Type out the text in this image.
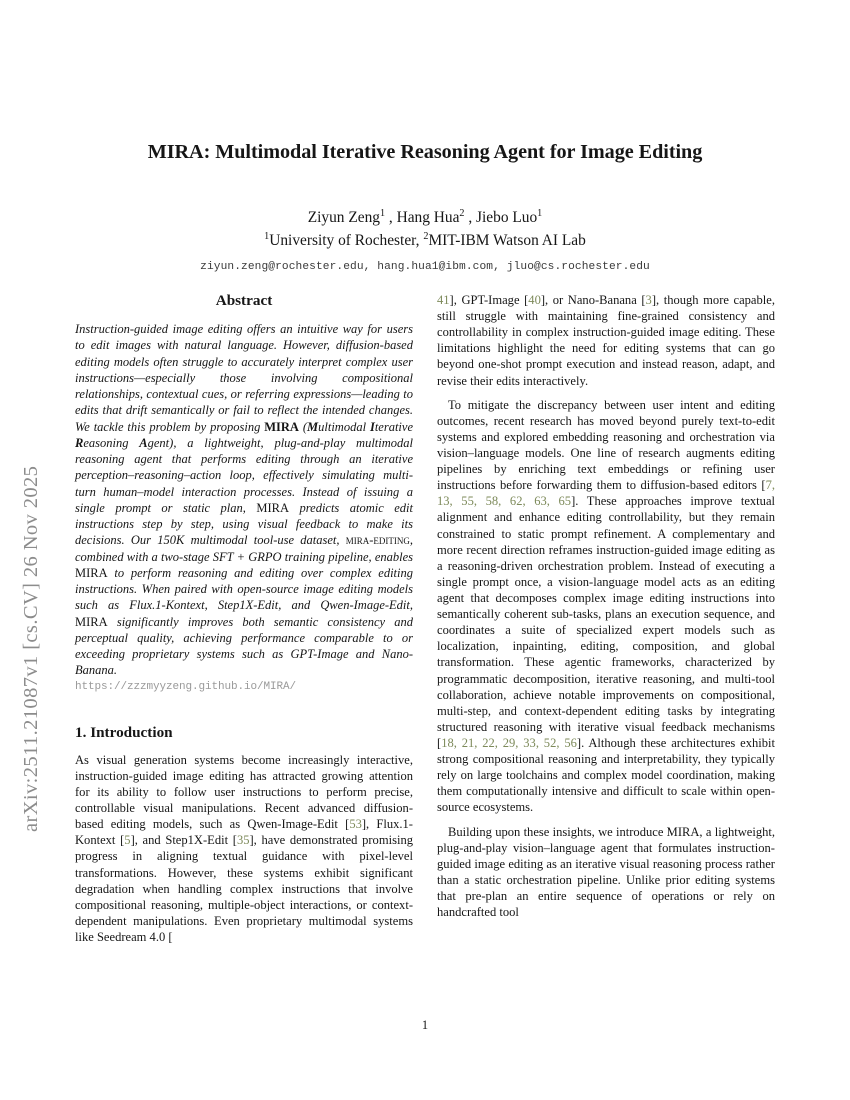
arXiv:2511.21087v1 [cs.CV] 26 Nov 2025
MIRA: Multimodal Iterative Reasoning Agent for Image Editing
Ziyun Zeng$^1$ , Hang Hua$^2$ , Jiebo Luo$^1$
$^1$University of Rochester, $^2$MIT-IBM Watson AI Lab
ziyun.zeng@rochester.edu, hang.hua1@ibm.com, jluo@cs.rochester.edu
Abstract

Instruction-guided image editing offers an intuitive way for users to edit images with natural language. However, diffusion-based editing models often struggle to accurately interpret complex user instructions—especially those involving compositional relationships, contextual cues, or referring expressions—leading to edits that drift semantically or fail to reflect the intended changes. We tackle this problem by proposing MIRA (Multimodal Iterative Reasoning Agent), a lightweight, plug-and-play multimodal reasoning agent that performs editing through an iterative perception–reasoning–action loop, effectively simulating multi-turn human–model interaction processes. Instead of issuing a single prompt or static plan, MIRA predicts atomic edit instructions step by step, using visual feedback to make its decisions. Our 150K multimodal tool-use dataset, mira-editing, combined with a two-stage SFT + GRPO training pipeline, enables MIRA to perform reasoning and editing over complex editing instructions. When paired with open-source image editing models such as Flux.1-Kontext, Step1X-Edit, and Qwen-Image-Edit, MIRA significantly improves both semantic consistency and perceptual quality, achieving performance comparable to or exceeding proprietary systems such as GPT-Image and Nano-Banana.
https://zzzmyyzeng.github.io/MIRA/

1. Introduction

As visual generation systems become increasingly interactive, instruction-guided image editing has attracted growing attention for its ability to follow user instructions to perform precise, controllable visual manipulations. Recent advanced diffusion-based editing models, such as Qwen-Image-Edit [53], Flux.1-Kontext [5], and Step1X-Edit [35], have demonstrated promising progress in aligning textual guidance with pixel-level transformations. However, these systems exhibit significant degradation when handling complex instructions that involve compositional reasoning, multiple-object interactions, or context-dependent manipulations. Even proprietary multimodal systems like Seedream 4.0 [

41], GPT-Image [40], or Nano-Banana [3], though more capable, still struggle with maintaining fine-grained consistency and controllability in complex instruction-guided image editing. These limitations highlight the need for editing systems that can go beyond one-shot prompt execution and instead reason, adapt, and revise their edits interactively.

To mitigate the discrepancy between user intent and editing outcomes, recent research has moved beyond purely text-to-edit systems and explored embedding reasoning and orchestration via vision–language models. One line of research augments editing pipelines by enriching text embeddings or refining user instructions before forwarding them to diffusion-based editors [7, 13, 55, 58, 62, 63, 65]. These approaches improve textual alignment and enhance editing controllability, but they remain constrained to static prompt refinement. A complementary and more recent direction reframes instruction-guided image editing as a reasoning-driven orchestration problem. Instead of executing a single prompt once, a vision-language model acts as an editing agent that decomposes complex image editing instructions into semantically coherent sub-tasks, plans an execution sequence, and coordinates a suite of specialized expert models such as localization, inpainting, editing, composition, and global transformation. These agentic frameworks, characterized by programmatic decomposition, iterative reasoning, and multi-tool collaboration, achieve notable improvements on compositional, multi-step, and context-dependent editing tasks by integrating structured reasoning with iterative visual feedback mechanisms [18, 21, 22, 29, 33, 52, 56]. Although these architectures exhibit strong compositional reasoning and interpretability, they typically rely on large toolchains and complex model coordination, making them computationally intensive and difficult to scale within open-source ecosystems.

Building upon these insights, we introduce MIRA, a lightweight, plug-and-play vision–language agent that formulates instruction-guided image editing as an iterative visual reasoning process rather than a static orchestration pipeline. Unlike prior editing systems that pre-plan an entire sequence of operations or rely on handcrafted tool

1
